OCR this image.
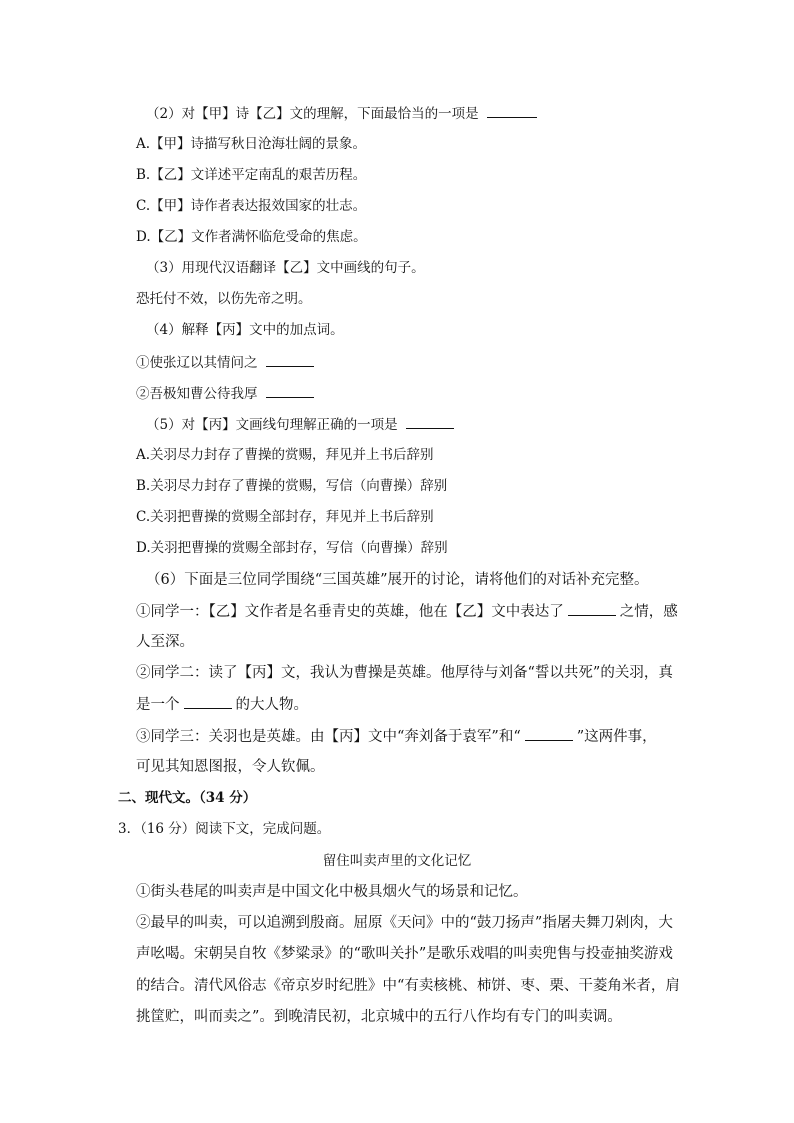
（2）对【甲】诗【乙】文的理解，下面最恰当的一项是
A.【甲】诗描写秋日沧海壮阔的景象。
B.【乙】文详述平定南乱的艰苦历程。
C.【甲】诗作者表达报效国家的壮志。
D.【乙】文作者满怀临危受命的焦虑。
（3）用现代汉语翻译【乙】文中画线的句子。
恐托付不效，以伤先帝之明。
（4）解释【丙】文中的加点词。
①使张辽以其情问之
②吾极知曹公待我厚
（5）对【丙】文画线句理解正确的一项是
A.关羽尽力封存了曹操的赏赐，拜见并上书后辞别
B.关羽尽力封存了曹操的赏赐，写信（向曹操）辞别
C.关羽把曹操的赏赐全部封存，拜见并上书后辞别
D.关羽把曹操的赏赐全部封存，写信（向曹操）辞别
（6）下面是三位同学围绕“三国英雄”展开的讨论，请将他们的对话补充完整。
①同学一：【乙】文作者是名垂青史的英雄，他在【乙】文中表达了	之情，感
人至深。
②同学二：读了【丙】文，我认为曹操是英雄。他厚待与刘备“誓以共死”的关羽，真
是一个	的大人物。
③同学三：关羽也是英雄。由【丙】文中“奔刘备于袁军”和“	”这两件事，
可见其知恩图报，令人钦佩。
二、现代文。（34 分）
3．（16 分）阅读下文，完成问题。
留住叫卖声里的文化记忆
①街头巷尾的叫卖声是中国文化中极具烟火气的场景和记忆。
②最早的叫卖，可以追溯到殷商。屈原《天问》中的“鼓刀扬声”指屠夫舞刀剁肉，大
声吆喝。宋朝吴自牧《梦粱录》的“歌叫关扑”是歌乐戏唱的叫卖兜售与投壶抽奖游戏
的结合。清代风俗志《帝京岁时纪胜》中“有卖核桃、柿饼、枣、栗、干菱角米者，肩
挑筐贮，叫而卖之”。到晚清民初，北京城中的五行八作均有专门的叫卖调。
